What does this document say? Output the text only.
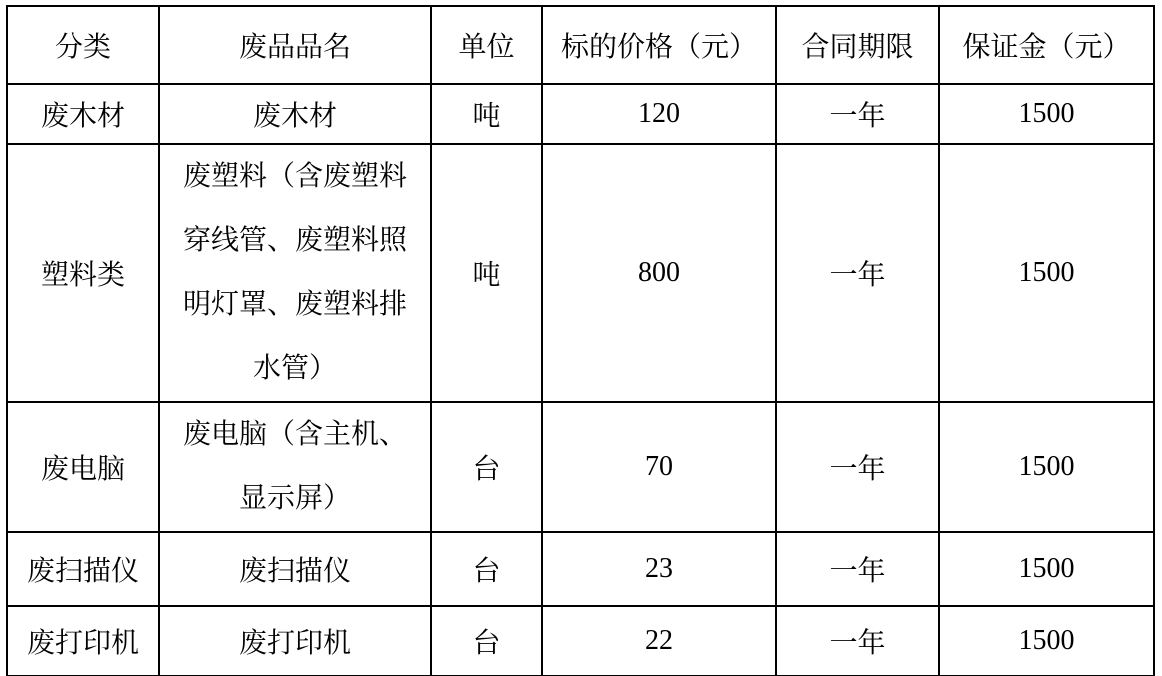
分类	废品品名	单位	标的价格（元）	合同期限	保证金（元）
废木材	废木材	吨	120	一年	1500
塑料类	废塑料（含废塑料
穿线管、废塑料照
明灯罩、废塑料排
水管）	吨	800	一年	1500
废电脑	废电脑（含主机、
显示屏）	台	70	一年	1500
废扫描仪	废扫描仪	台	23	一年	1500
废打印机	废打印机	台	22	一年	1500
